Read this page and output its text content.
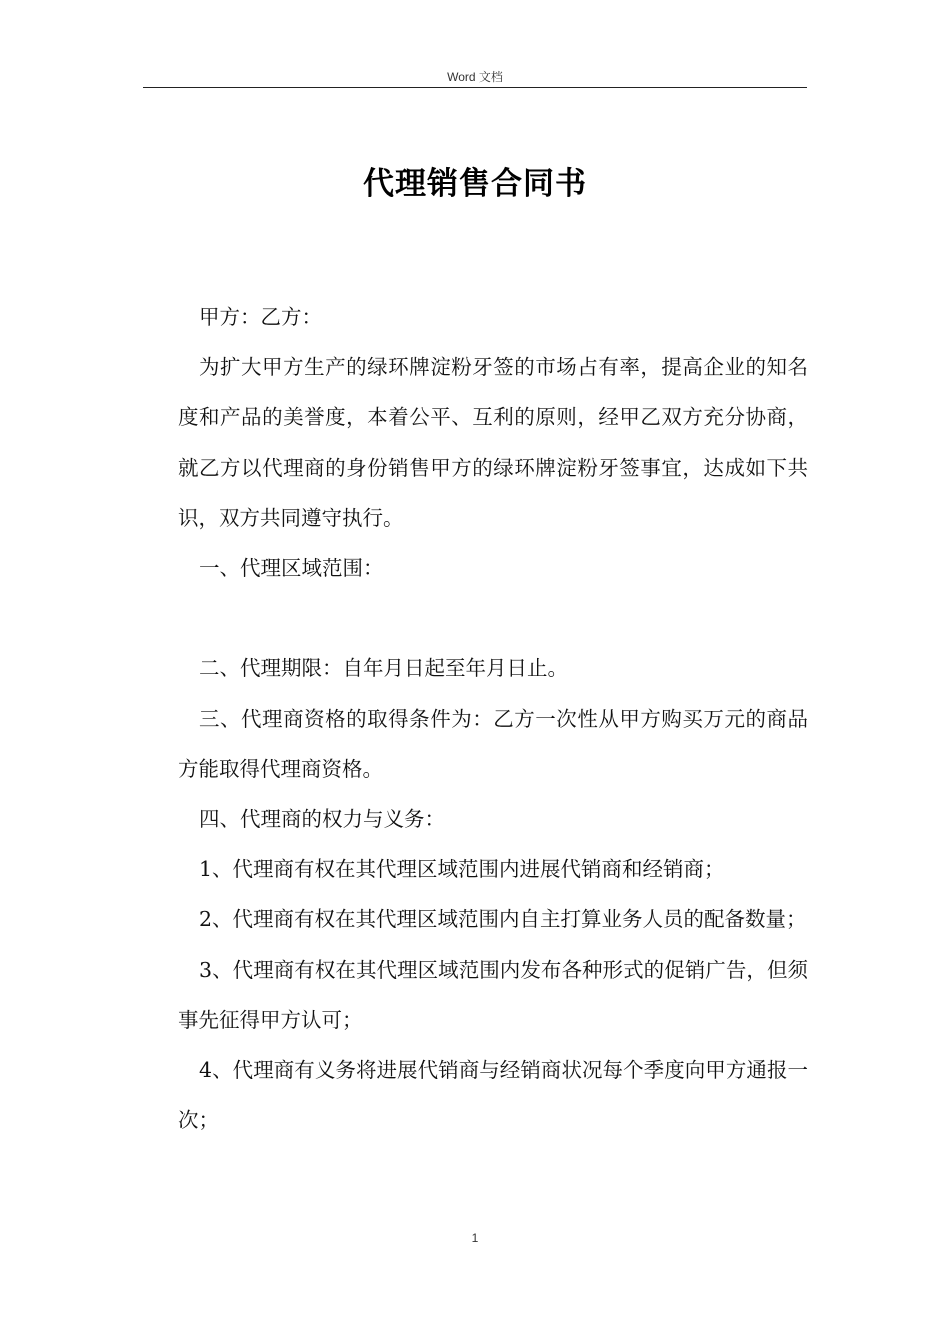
Word 文档
代理销售合同书

甲方：乙方：

为扩大甲方生产的绿环牌淀粉牙签的市场占有率，提高企业的知名度和产品的美誉度，本着公平、互利的原则，经甲乙双方充分协商，就乙方以代理商的身份销售甲方的绿环牌淀粉牙签事宜，达成如下共识，双方共同遵守执行。

一、代理区域范围：

二、代理期限：自年月日起至年月日止。

三、代理商资格的取得条件为：乙方一次性从甲方购买万元的商品方能取得代理商资格。

四、代理商的权力与义务：

1、代理商有权在其代理区域范围内进展代销商和经销商；

2、代理商有权在其代理区域范围内自主打算业务人员的配备数量；

3、代理商有权在其代理区域范围内发布各种形式的促销广告，但须事先征得甲方认可；

4、代理商有义务将进展代销商与经销商状况每个季度向甲方通报一次；

1
